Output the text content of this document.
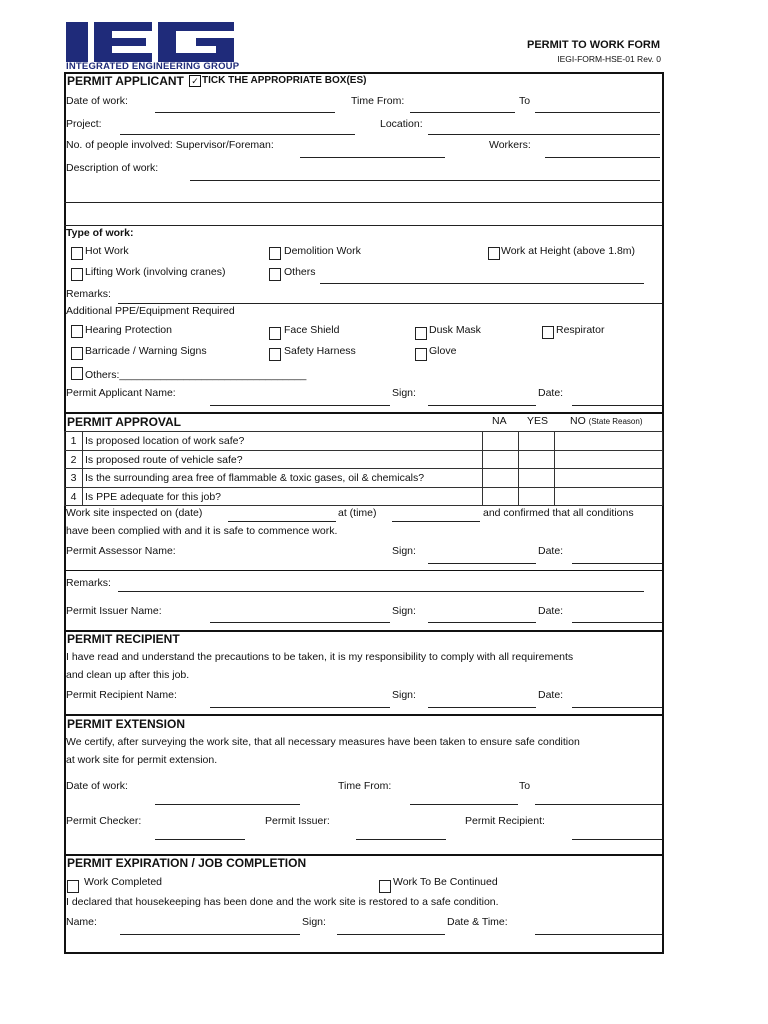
INTEGRATED ENGINEERING GROUP
PERMIT TO WORK FORM
IEGI-FORM-HSE-01 Rev. 0
PERMIT APPLICANT ✓ TICK THE APPROPRIATE BOX(ES)
Date of work:	Time From:	To
Project:	Location:
No. of people involved: Supervisor/Foreman:	Workers:
Description of work:
Type of work:
Hot Work	Demolition Work	Work at Height (above 1.8m)
Lifting Work (involving cranes)	Others
Remarks:
Additional PPE/Equipment Required
Hearing Protection	Face Shield	Dusk Mask	Respirator
Barricade / Warning Signs	Safety Harness	Glove
Others:________________________________
Permit Applicant Name:	Sign:	Date:
PERMIT APPROVAL	NA YES NO (State Reason)
1 Is proposed location of work safe?
2 Is proposed route of vehicle safe?
3 Is the surrounding area free of flammable & toxic gases, oil & chemicals?
4 Is PPE adequate for this job?
Work site inspected on (date)	at (time)	and confirmed that all conditions
have been complied with and it is safe to commence work.
Permit Assessor Name:	Sign:	Date:
Remarks:
Permit Issuer Name:	Sign:	Date:
PERMIT RECIPIENT
I have read and understand the precautions to be taken, it is my responsibility to comply with all requirements
and clean up after this job.
Permit Recipient Name:	Sign:	Date:
PERMIT EXTENSION
We certify, after surveying the work site, that all necessary measures have been taken to ensure safe condition
at work site for permit extension.
Date of work:	Time From:	To
Permit Checker:	Permit Issuer:	Permit Recipient:
PERMIT EXPIRATION / JOB COMPLETION
Work Completed	Work To Be Continued
I declared that housekeeping has been done and the work site is restored to a safe condition.
Name:	Sign:	Date & Time:
